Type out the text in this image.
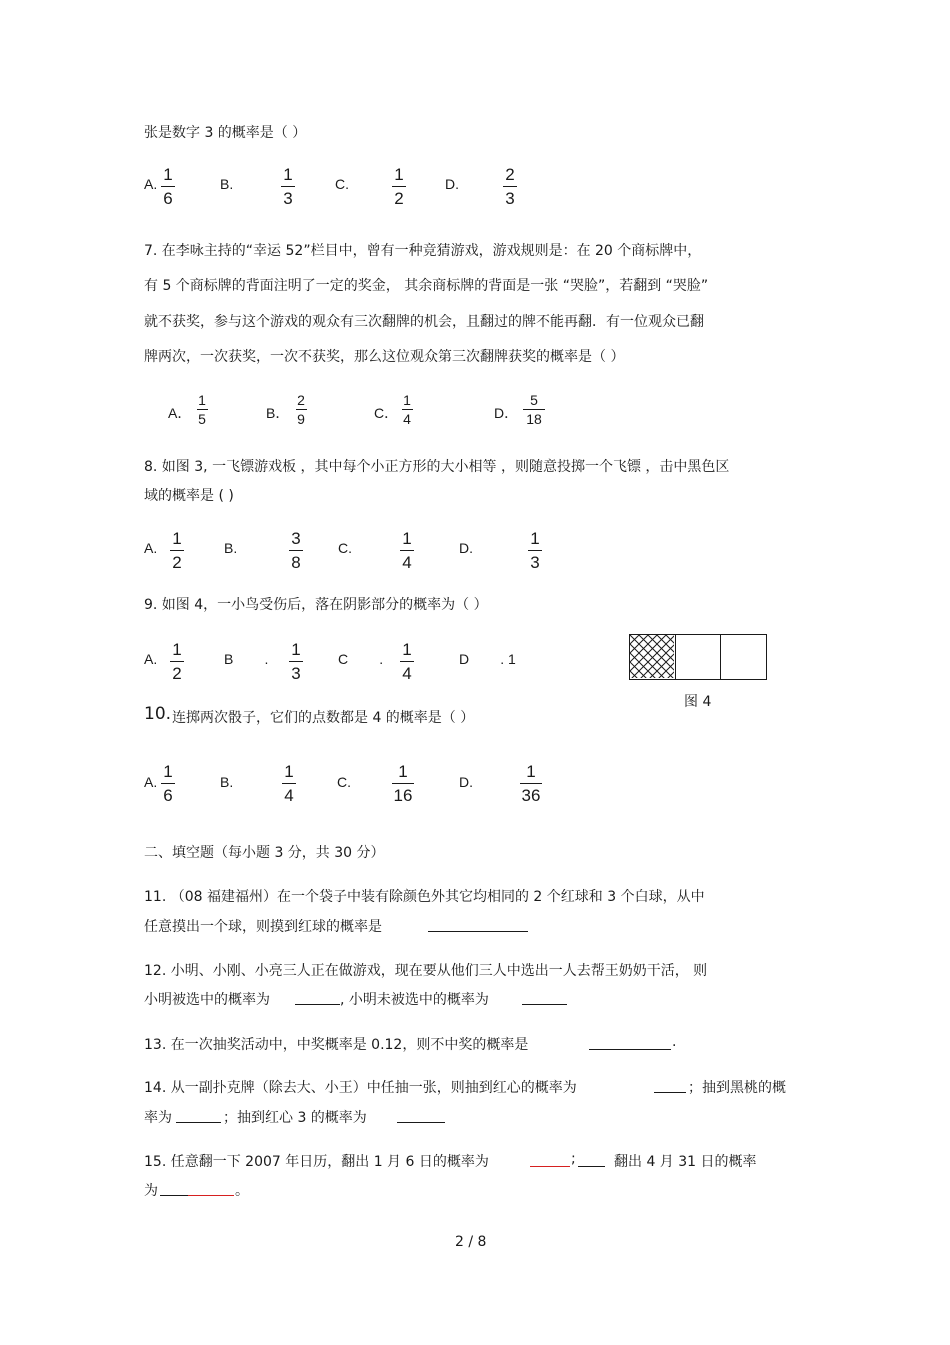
张是数字 3 的概率是（ ）
A. 1
6
B.	1
3
C.	1
2
D.	2
3
7. 在李咏主持的“幸运 52”栏目中，曾有一种竞猜游戏，游戏规则是：在 20 个商标牌中，
有 5 个商标牌的背面注明了一定的奖金， 其余商标牌的背面是一张 “哭脸”，若翻到 “哭脸”
就不获奖，参与这个游戏的观众有三次翻牌的机会，且翻过的牌不能再翻．有一位观众已翻
牌两次，一次获奖，一次不获奖，那么这位观众第三次翻牌获奖的概率是（ ）
A．
1
5	B．
2
9	C．
1
4	D．
5
18
8. 如图 3, 一飞镖游戏板 ，其中每个小正方形的大小相等 ，则随意投掷一个飞镖 ，击中黑色区
域的概率是 ( )
A. 1
2
B.	3
8
C.	1
4
D.	1
3
9. 如图 4，一小鸟受伤后，落在阴影部分的概率为（ ）
A. 1
2
B        .	1
3
C        .	1
4
D        . 1
图 4
10. 连掷两次骰子，它们的点数都是 4 的概率是（ ）
A.
1
6
B.
1
4
C.
1
16
D.
1
36
二、填空题（每小题 3 分，共 30 分）
11. （08 福建福州）在一个袋子中装有除颜色外其它均相同的 2 个红球和 3 个白球，从中
任意摸出一个球，则摸到红球的概率是
12. 小明、小刚、小亮三人正在做游戏，现在要从他们三人中选出一人去帮王奶奶干活， 则
小明被选中的概率为	, 小明未被选中的概率为
13. 在一次抽奖活动中，中奖概率是 0.12，则不中奖的概率是	.
14. 从一副扑克牌（除去大、小王）中任抽一张，则抽到红心的概率为	；抽到黑桃的概
率为	；抽到红心 3 的概率为
15. 任意翻一下 2007 年日历，翻出 1 月 6 日的概率为	;	翻出 4 月 31 日的概率
为	。
2 / 8
